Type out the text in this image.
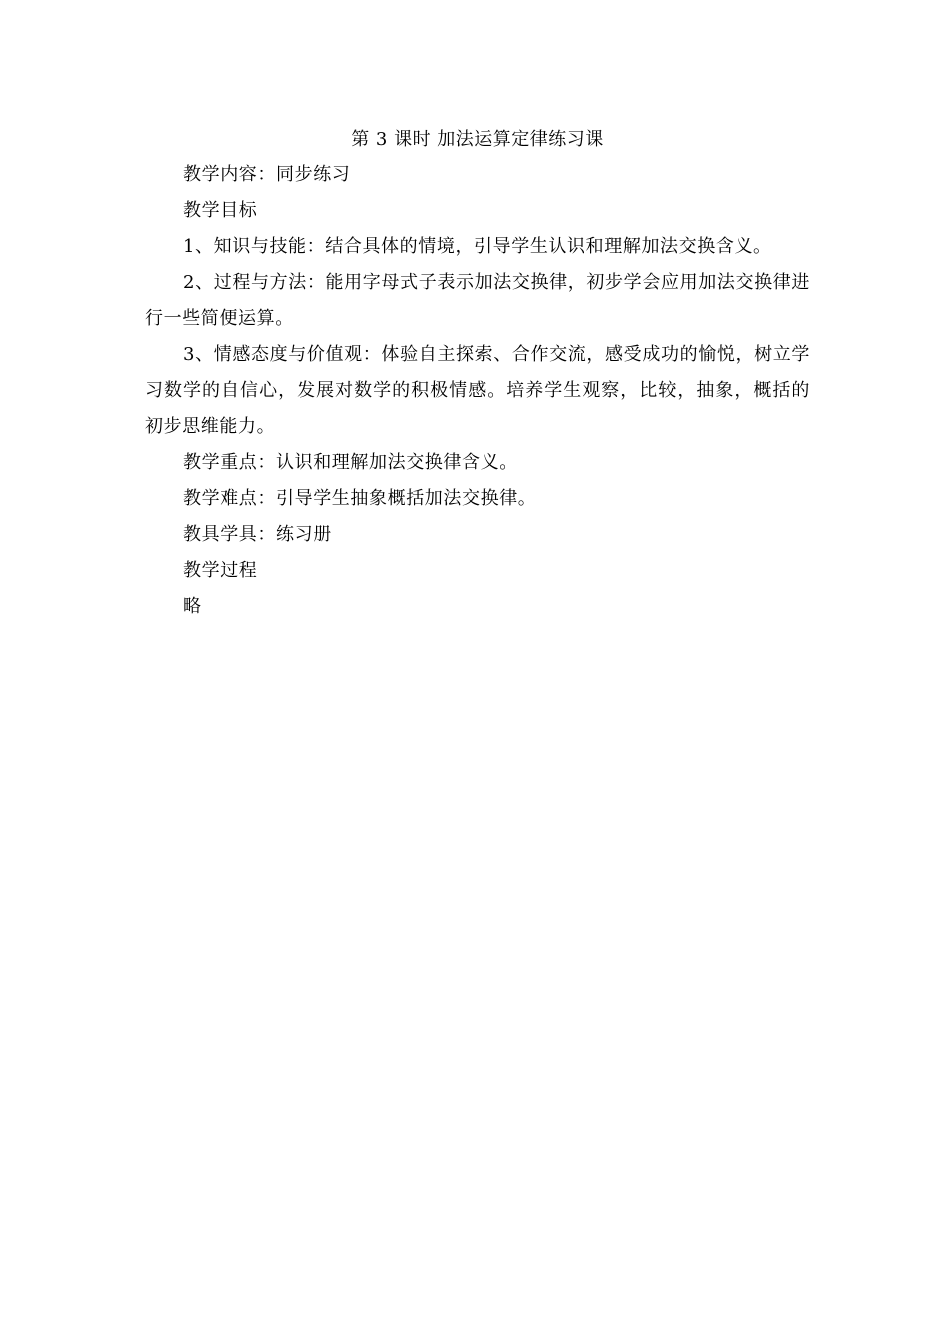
第 3 课时 加法运算定律练习课

教学内容：同步练习

教学目标

1、知识与技能：结合具体的情境，引导学生认识和理解加法交换含义。

2、过程与方法：能用字母式子表示加法交换律，初步学会应用加法交换律进行一些简便运算。

3、情感态度与价值观：体验自主探索、合作交流，感受成功的愉悦，树立学习数学的自信心，发展对数学的积极情感。培养学生观察，比较，抽象，概括的初步思维能力。

教学重点：认识和理解加法交换律含义。

教学难点：引导学生抽象概括加法交换律。

教具学具：练习册

教学过程

略
